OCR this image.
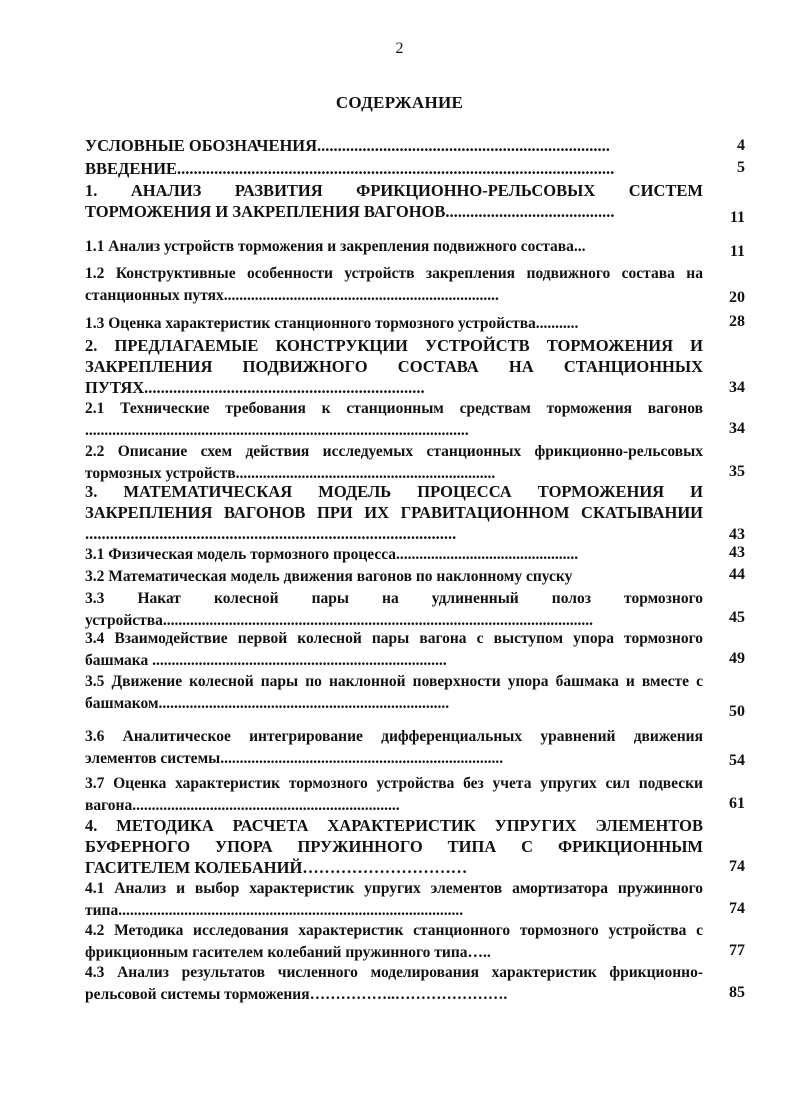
2
СОДЕРЖАНИЕ
УСЛОВНЫЕ ОБОЗНАЧЕНИЯ.......................................................................	4
ВВЕДЕНИЕ..........................................................................................................	5
1. АНАЛИЗ РАЗВИТИЯ ФРИКЦИОННО-РЕЛЬСОВЫХ СИСТЕМ ТОРМОЖЕНИЯ И ЗАКРЕПЛЕНИЯ ВАГОНОВ.........................................	11
1.1 Анализ устройств торможения и закрепления подвижного состава...	11
1.2 Конструктивные особенности устройств закрепления подвижного состава на станционных путях.......................................................................	20
1.3 Оценка характеристик станционного тормозного устройства...........	28
2. ПРЕДЛАГАЕМЫЕ КОНСТРУКЦИИ УСТРОЙСТВ ТОРМОЖЕНИЯ И ЗАКРЕПЛЕНИЯ ПОДВИЖНОГО СОСТАВА НА СТАНЦИОННЫХ ПУТЯХ....................................................................	34
2.1 Технические требования к станционным средствам торможения вагонов ...................................................................................................	34
2.2 Описание схем действия исследуемых станционных фрикционно-рельсовых тормозных устройств...................................................................	35
3. МАТЕМАТИЧЕСКАЯ МОДЕЛЬ ПРОЦЕССА ТОРМОЖЕНИЯ И ЗАКРЕПЛЕНИЯ ВАГОНОВ ПРИ ИХ ГРАВИТАЦИОННОМ СКАТЫВАНИИ ..........................................................................................	43
3.1 Физическая модель тормозного процесса...............................................	43
3.2 Математическая модель движения вагонов по наклонному спуску	44
3.3 Накат колесной пары на удлиненный полоз тормозного устройства...............................................................................................................	45
3.4 Взаимодействие первой колесной пары вагона с выступом упора тормозного башмака ............................................................................	49
3.5 Движение колесной пары по наклонной поверхности упора башмака и вместе с башмаком...........................................................................	50
3.6 Аналитическое интегрирование дифференциальных уравнений движения элементов системы.........................................................................	54
3.7 Оценка характеристик тормозного устройства без учета упругих сил подвески вагона.....................................................................	61
4. МЕТОДИКА РАСЧЕТА ХАРАКТЕРИСТИК УПРУГИХ ЭЛЕМЕНТОВ БУФЕРНОГО УПОРА ПРУЖИННОГО ТИПА С ФРИКЦИОННЫМ ГАСИТЕЛЕМ КОЛЕБАНИЙ…………………………	74
4.1 Анализ и выбор характеристик упругих элементов амортизатора пружинного типа.........................................................................................	74
4.2 Методика исследования характеристик станционного тормозного устройства с фрикционным гасителем колебаний пружинного типа…..	77
4.3 Анализ результатов численного моделирования характеристик фрикционно-рельсовой системы торможения……………..………………….	85
